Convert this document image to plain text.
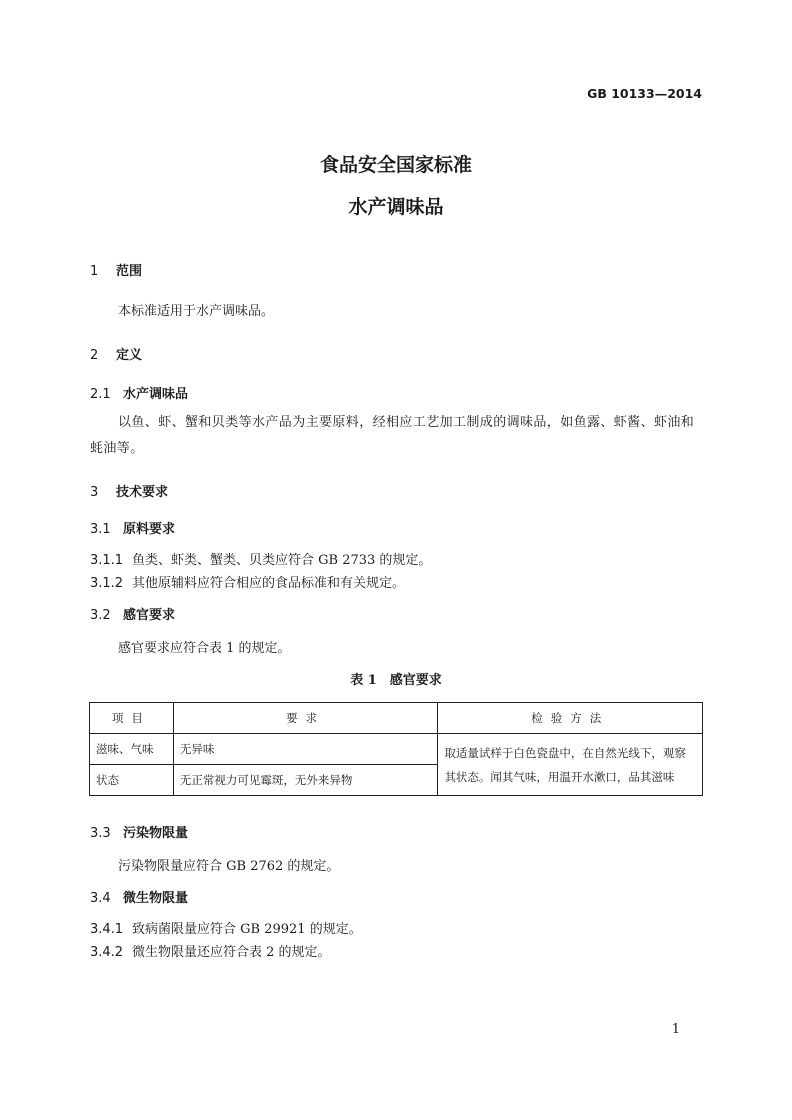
GB 10133—2014
食品安全国家标准
水产调味品
1 范围
本标准适用于水产调味品。
2 定义
2.1 水产调味品
以鱼、虾、蟹和贝类等水产品为主要原料，经相应工艺加工制成的调味品，如鱼露、虾酱、虾油和蚝油等。
3 技术要求
3.1 原料要求
3.1.1 鱼类、虾类、蟹类、贝类应符合 GB 2733 的规定。
3.1.2 其他原辅料应符合相应的食品标准和有关规定。
3.2 感官要求
感官要求应符合表 1 的规定。
表 1　感官要求
项目	要求	检验方法
滋味、气味	无异味	取适量试样于白色瓷盘中，在自然光线下，观察其状态。闻其气味，用温开水漱口，品其滋味
状态	无正常视力可见霉斑，无外来异物	
3.3 污染物限量
污染物限量应符合 GB 2762 的规定。
3.4 微生物限量
3.4.1 致病菌限量应符合 GB 29921 的规定。
3.4.2 微生物限量还应符合表 2 的规定。
1
